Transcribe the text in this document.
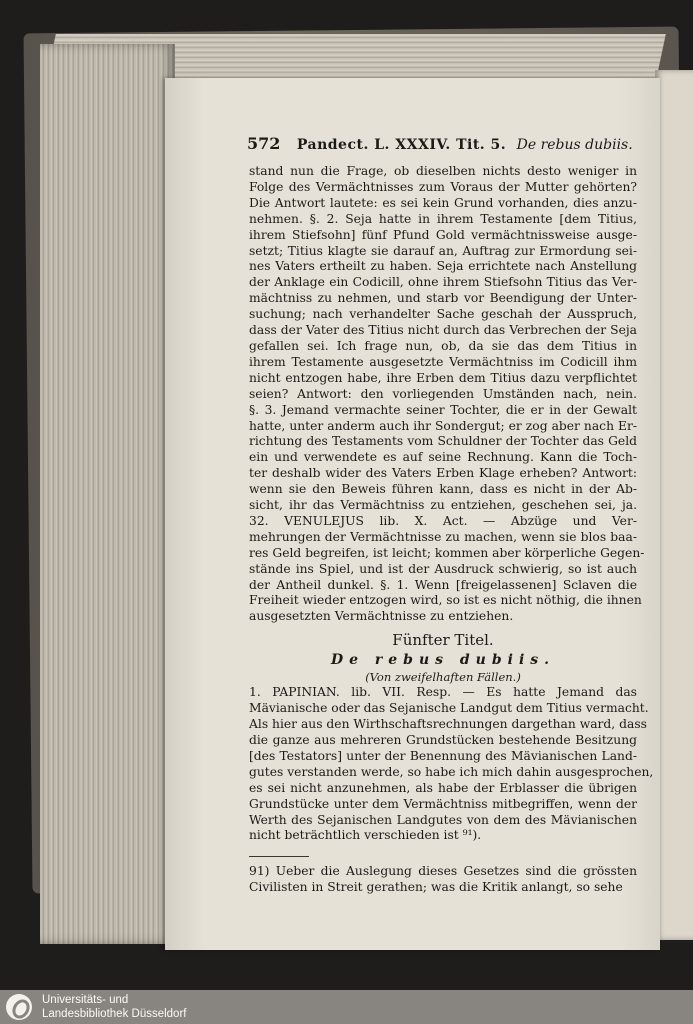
572 Pandect. L. XXXIV. Tit. 5. De rebus dubiis.
stand nun die Frage, ob dieselben nichts desto weniger in
Folge des Vermächtnisses zum Voraus der Mutter gehörten?
Die Antwort lautete: es sei kein Grund vorhanden, dies anzu-
nehmen. §. 2. Seja hatte in ihrem Testamente [dem Titius,
ihrem Stiefsohn] fünf Pfund Gold vermächtnissweise ausge-
setzt; Titius klagte sie darauf an, Auftrag zur Ermordung sei-
nes Vaters ertheilt zu haben. Seja errichtete nach Anstellung
der Anklage ein Codicill, ohne ihrem Stiefsohn Titius das Ver-
mächtniss zu nehmen, und starb vor Beendigung der Unter-
suchung; nach verhandelter Sache geschah der Ausspruch,
dass der Vater des Titius nicht durch das Verbrechen der Seja
gefallen sei. Ich frage nun, ob, da sie das dem Titius in
ihrem Testamente ausgesetzte Vermächtniss im Codicill ihm
nicht entzogen habe, ihre Erben dem Titius dazu verpflichtet
seien? Antwort: den vorliegenden Umständen nach, nein.
§. 3. Jemand vermachte seiner Tochter, die er in der Gewalt
hatte, unter anderm auch ihr Sondergut; er zog aber nach Er-
richtung des Testaments vom Schuldner der Tochter das Geld
ein und verwendete es auf seine Rechnung. Kann die Toch-
ter deshalb wider des Vaters Erben Klage erheben? Antwort:
wenn sie den Beweis führen kann, dass es nicht in der Ab-
sicht, ihr das Vermächtniss zu entziehen, geschehen sei, ja.
32. VENULEJUS lib. X. Act. — Abzüge und Ver-
mehrungen der Vermächtnisse zu machen, wenn sie blos baa-
res Geld begreifen, ist leicht; kommen aber körperliche Gegen-
stände ins Spiel, und ist der Ausdruck schwierig, so ist auch
der Antheil dunkel. §. 1. Wenn [freigelassenen] Sclaven die
Freiheit wieder entzogen wird, so ist es nicht nöthig, die ihnen
ausgesetzten Vermächtnisse zu entziehen.
Fünfter Titel.
De rebus dubiis.
(Von zweifelhaften Fällen.)
1. PAPINIAN. lib. VII. Resp. — Es hatte Jemand das
Mävianische oder das Sejanische Landgut dem Titius vermacht.
Als hier aus den Wirthschaftsrechnungen dargethan ward, dass
die ganze aus mehreren Grundstücken bestehende Besitzung
[des Testators] unter der Benennung des Mävianischen Land-
gutes verstanden werde, so habe ich mich dahin ausgesprochen,
es sei nicht anzunehmen, als habe der Erblasser die übrigen
Grundstücke unter dem Vermächtniss mitbegriffen, wenn der
Werth des Sejanischen Landgutes von dem des Mävianischen
nicht beträchtlich verschieden ist ⁹¹).
91) Ueber die Auslegung dieses Gesetzes sind die grössten
Civilisten in Streit gerathen; was die Kritik anlangt, so sehe
Universitäts- und
Landesbibliothek Düsseldorf
